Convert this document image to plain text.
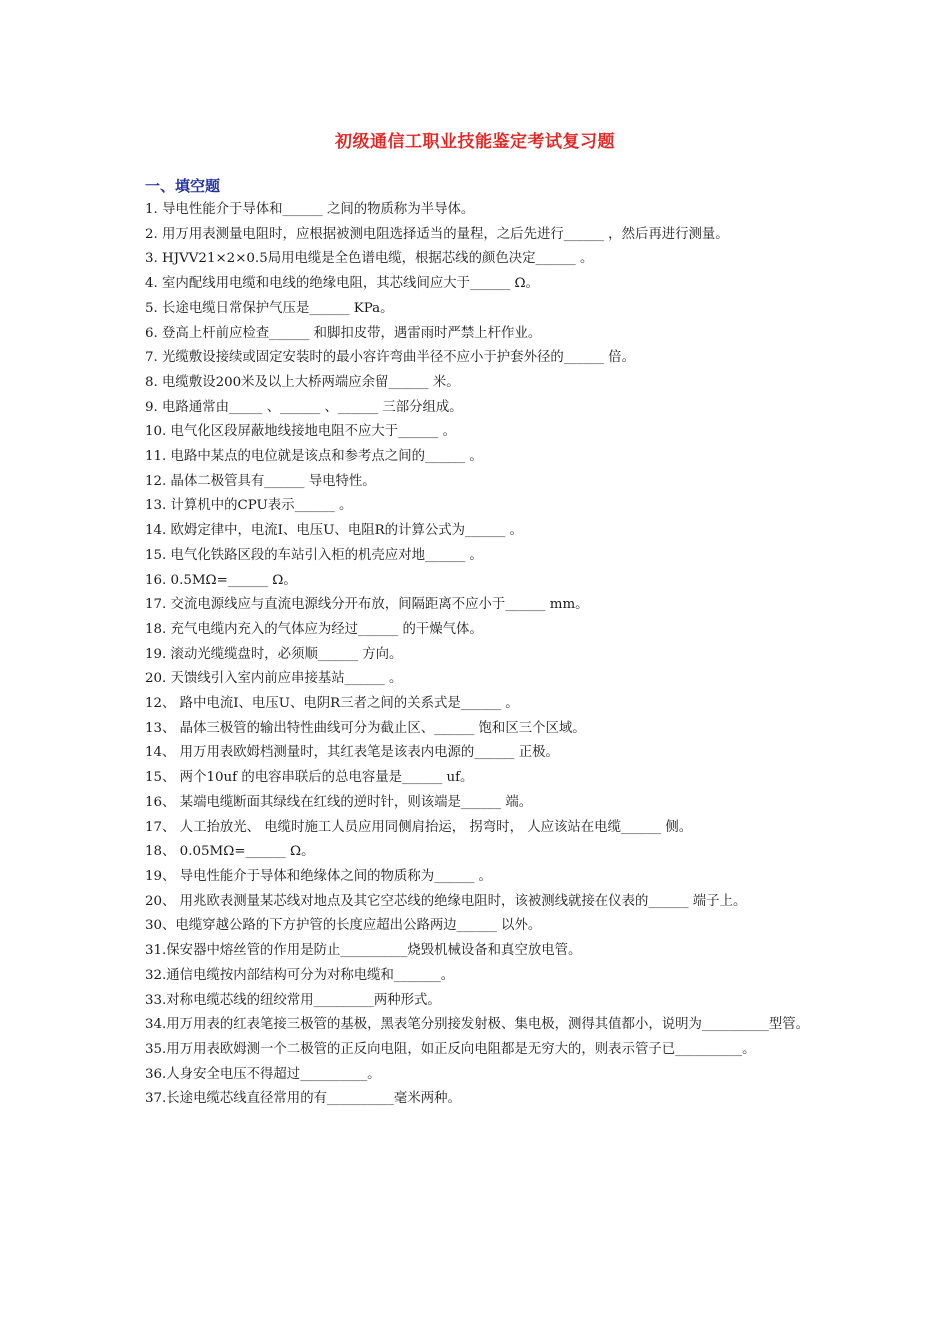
初级通信工职业技能鉴定考试复习题
一、填空题

1. 导电性能介于导体和______ 之间的物质称为半导体。

2. 用万用表测量电阻时，应根据被测电阻选择适当的量程，之后先进行______ ，然后再进行测量。

3. HJVV21×2×0.5局用电缆是全色谱电缆，根据芯线的颜色决定______ 。

4. 室内配线用电缆和电线的绝缘电阻，其芯线间应大于______ Ω。

5. 长途电缆日常保护气压是______ KPa。

6. 登高上杆前应检查______ 和脚扣皮带，遇雷雨时严禁上杆作业。

7. 光缆敷设接续或固定安装时的最小容许弯曲半径不应小于护套外径的______ 倍。

8. 电缆敷设200米及以上大桥两端应余留______ 米。

9. 电路通常由_____ 、______ 、______ 三部分组成。

10. 电气化区段屏蔽地线接地电阻不应大于______ 。

11. 电路中某点的电位就是该点和参考点之间的______ 。

12. 晶体二极管具有______ 导电特性。

13. 计算机中的CPU表示______ 。

14. 欧姆定律中，电流I、电压U、电阻R的计算公式为______ 。

15. 电气化铁路区段的车站引入柜的机壳应对地______ 。

16. 0.5MΩ=______ Ω。

17. 交流电源线应与直流电源线分开布放，间隔距离不应小于______ mm。

18. 充气电缆内充入的气体应为经过______ 的干燥气体。

19. 滚动光缆缆盘时，必须顺______ 方向。

20. 天馈线引入室内前应串接基站______ 。

12、 路中电流I、电压U、电阴R三者之间的关系式是______ 。

13、 晶体三极管的输出特性曲线可分为截止区、______ 饱和区三个区域。

14、 用万用表欧姆档测量时，其红表笔是该表内电源的______ 正极。

15、 两个10uf 的电容串联后的总电容量是______ uf。

16、 某端电缆断面其绿线在红线的逆时针，则该端是______ 端。

17、 人工抬放光、 电缆时施工人员应用同侧肩抬运， 拐弯时， 人应该站在电缆______ 侧。

18、 0.05MΩ=______ Ω。

19、 导电性能介于导体和绝缘体之间的物质称为______ 。

20、 用兆欧表测量某芯线对地点及其它空芯线的绝缘电阻时，该被测线就接在仪表的______ 端子上。

30、电缆穿越公路的下方护管的长度应超出公路两边______ 以外。

31.保安器中熔丝管的作用是防止__________烧毁机械设备和真空放电管。

32.通信电缆按内部结构可分为对称电缆和_______。

33.对称电缆芯线的纽绞常用_________两种形式。

34.用万用表的红表笔接三极管的基极，黑表笔分别接发射极、集电极，测得其值都小，说明为__________型管。

35.用万用表欧姆测一个二极管的正反向电阻，如正反向电阻都是无穷大的，则表示管子已__________。

36.人身安全电压不得超过__________。

37.长途电缆芯线直径常用的有__________毫米两种。
